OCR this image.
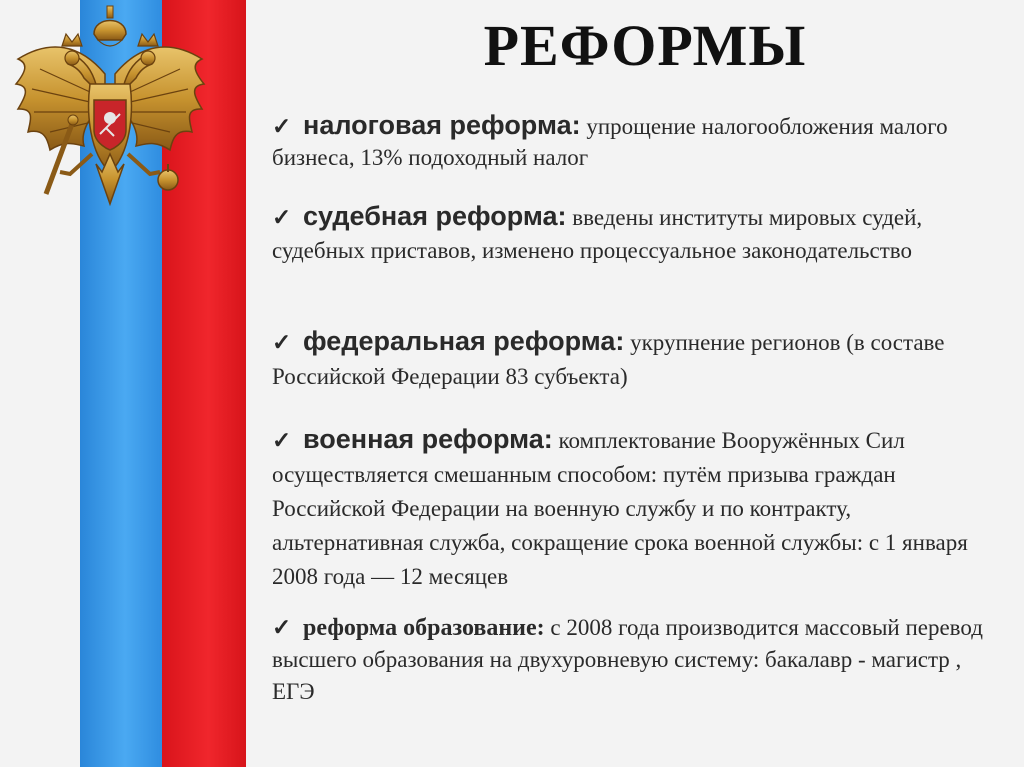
РЕФОРМЫ
✓ налоговая реформа: упрощение налогообложения малого бизнеса, 13% подоходный налог
✓ судебная реформа: введены институты мировых судей, судебных приставов, изменено процессуальное законодательство
✓ федеральная реформа: укрупнение регионов (в составе Российской Федерации 83 субъекта)
✓ военная реформа: комплектование Вооружённых Сил осуществляется смешанным способом: путём призыва граждан Российской Федерации на военную службу и по контракту, альтернативная служба, сокращение срока военной службы: с 1 января 2008 года — 12 месяцев
✓ реформа образование: с 2008 года производится массовый перевод высшего образования на двухуровневую систему: бакалавр - магистр , ЕГЭ
